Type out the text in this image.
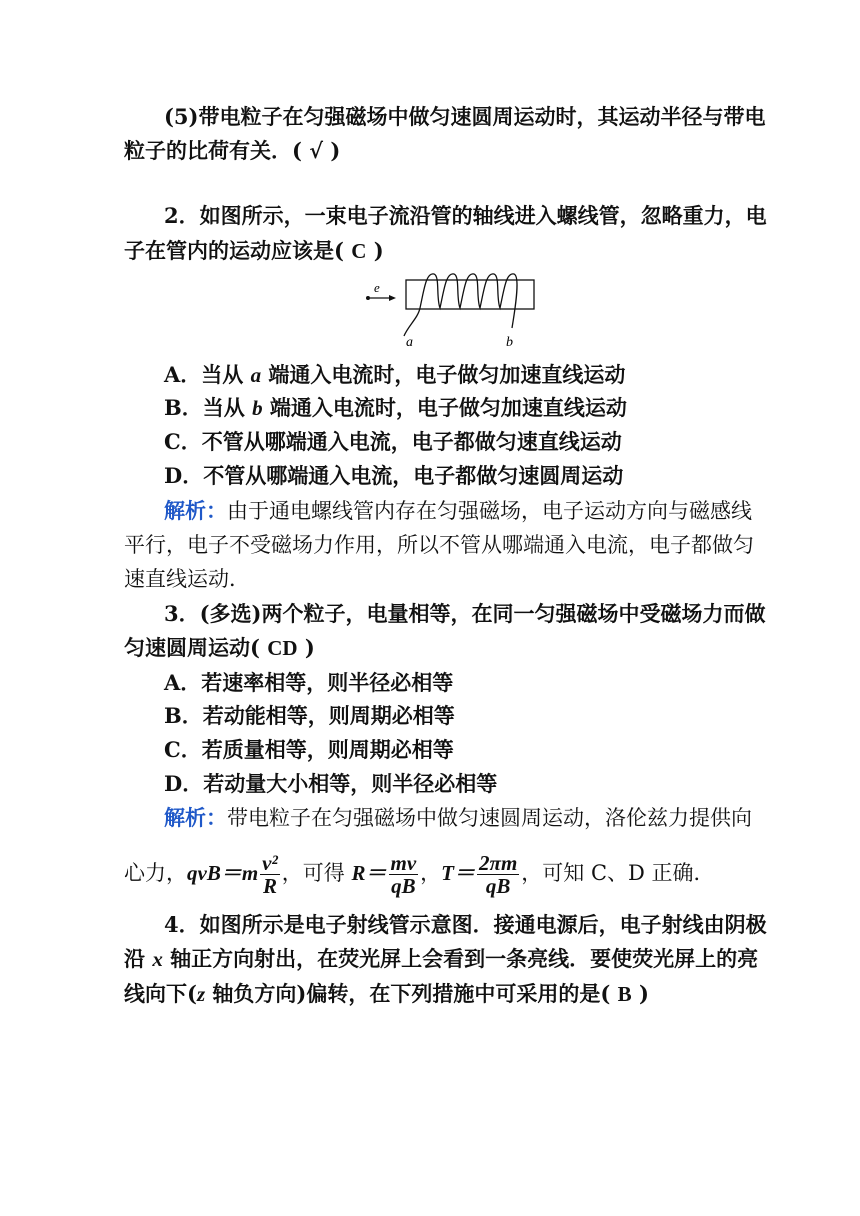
(5)带电粒子在匀强磁场中做匀速圆周运动时，其运动半径与带电
粒子的比荷有关．( √ )
2．如图所示，一束电子流沿管的轴线进入螺线管，忽略重力，电
子在管内的运动应该是( C )
e
a	b
A．当从 a 端通入电流时，电子做匀加速直线运动
B．当从 b 端通入电流时，电子做匀加速直线运动
C．不管从哪端通入电流，电子都做匀速直线运动
D．不管从哪端通入电流，电子都做匀速圆周运动
解析：由于通电螺线管内存在匀强磁场，电子运动方向与磁感线
平行，电子不受磁场力作用，所以不管从哪端通入电流，电子都做匀
速直线运动．
3．(多选)两个粒子，电量相等，在同一匀强磁场中受磁场力而做
匀速圆周运动( CD )
A．若速率相等，则半径必相等
B．若动能相等，则周期必相等
C．若质量相等，则周期必相等
D．若动量大小相等，则半径必相等
解析：带电粒子在匀强磁场中做匀速圆周运动，洛伦兹力提供向
心力，$qvB=m \frac{\text{v²}}{R}$ ，可得 $R= \frac{mv}{qB}$ ，$T= \frac{2\pi m}{qB}$ ，可知 C、D 正确．
4．如图所示是电子射线管示意图．接通电源后，电子射线由阴极
沿 x 轴正方向射出，在荧光屏上会看到一条亮线．要使荧光屏上的亮
线向下(z 轴负方向)偏转，在下列措施中可采用的是( B )
